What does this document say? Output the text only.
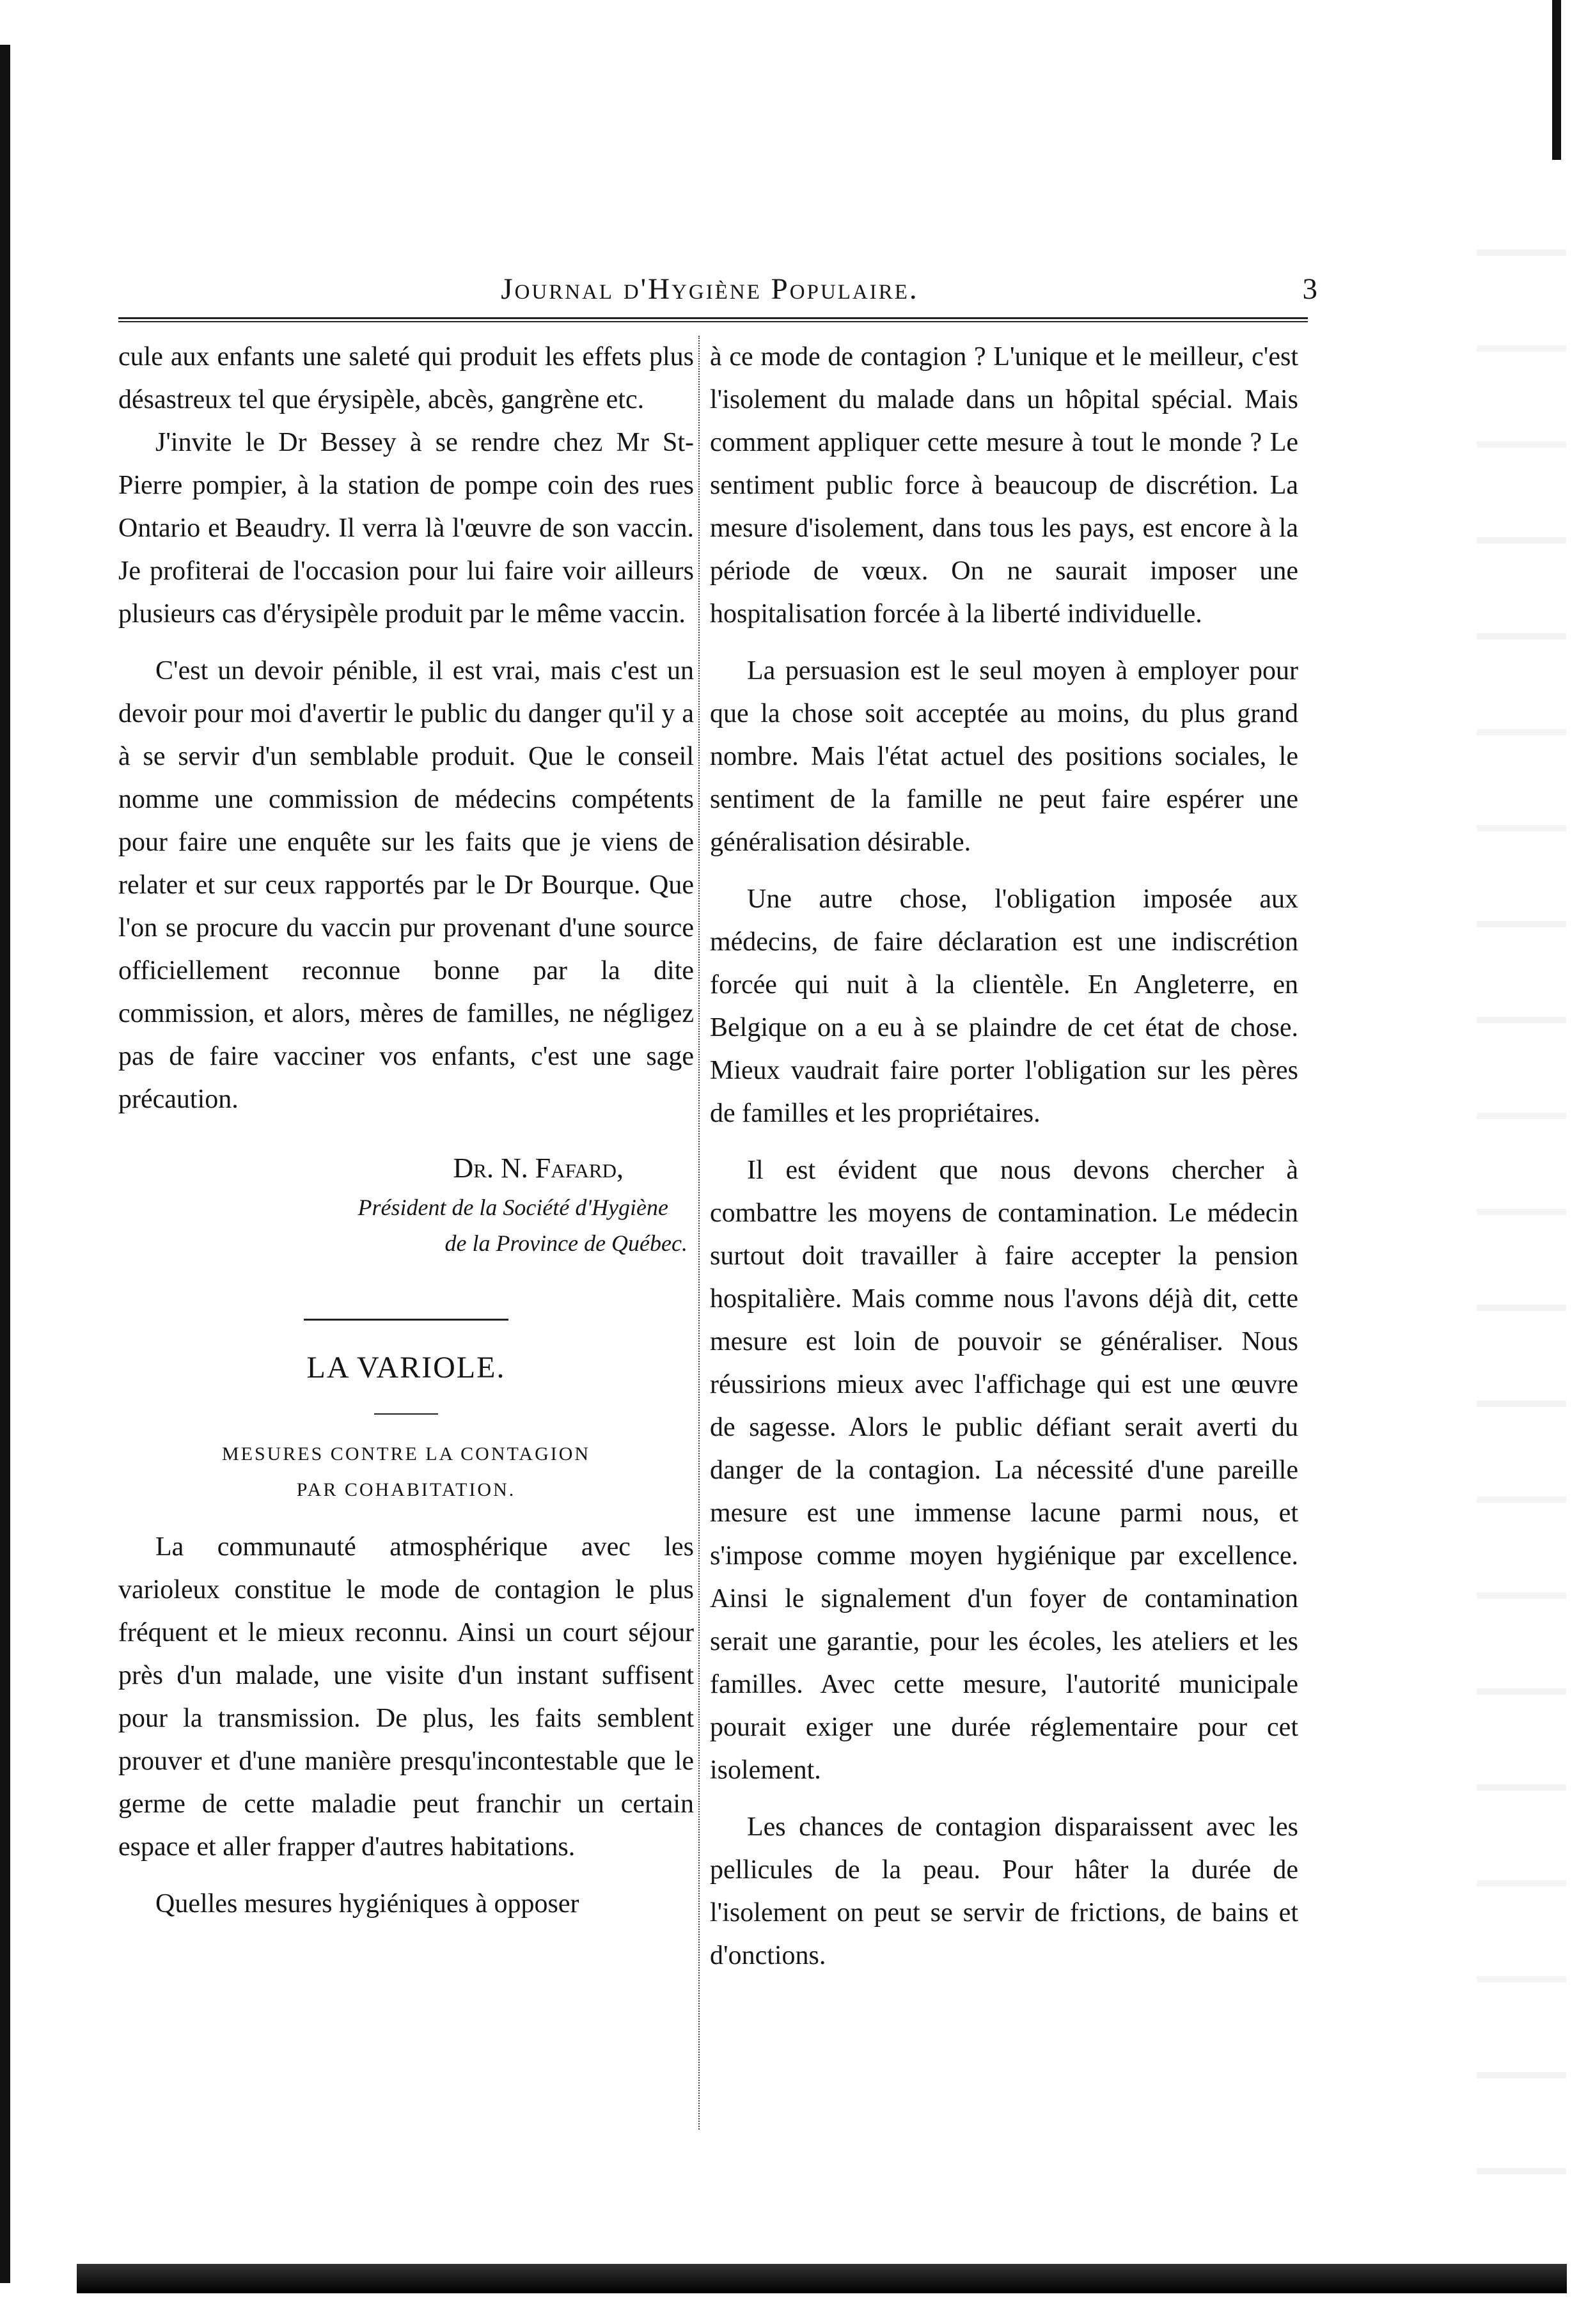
Journal d'Hygiène Populaire.	3

cule aux enfants une saleté qui produit les effets plus désastreux tel que érysipèle, abcès, gangrène etc.

J'invite le Dr Bessey à se rendre chez Mr St-Pierre pompier, à la station de pompe coin des rues Ontario et Beaudry. Il verra là l'œuvre de son vaccin. Je profiterai de l'occasion pour lui faire voir ailleurs plusieurs cas d'érysipèle produit par le même vaccin.

C'est un devoir pénible, il est vrai, mais c'est un devoir pour moi d'avertir le public du danger qu'il y a à se servir d'un semblable produit. Que le conseil nomme une commission de médecins compétents pour faire une enquête sur les faits que je viens de relater et sur ceux rapportés par le Dr Bourque. Que l'on se procure du vaccin pur provenant d'une source officiellement reconnue bonne par la dite commission, et alors, mères de familles, ne négligez pas de faire vacciner vos enfants, c'est une sage précaution.

Dr. N. Fafard,

Président de la Société d'Hygiène

de la Province de Québec.

LA VARIOLE.

MESURES CONTRE LA CONTAGION
PAR COHABITATION.

La communauté atmosphérique avec les varioleux constitue le mode de contagion le plus fréquent et le mieux reconnu. Ainsi un court séjour près d'un malade, une visite d'un instant suffisent pour la transmission. De plus, les faits semblent prouver et d'une manière presqu'incontestable que le germe de cette maladie peut franchir un certain espace et aller frapper d'autres habitations.

Quelles mesures hygiéniques à opposer

à ce mode de contagion ? L'unique et le meilleur, c'est l'isolement du malade dans un hôpital spécial. Mais comment appliquer cette mesure à tout le monde ? Le sentiment public force à beaucoup de discrétion. La mesure d'isolement, dans tous les pays, est encore à la période de vœux. On ne saurait imposer une hospitalisation forcée à la liberté individuelle.

La persuasion est le seul moyen à employer pour que la chose soit acceptée au moins, du plus grand nombre. Mais l'état actuel des positions sociales, le sentiment de la famille ne peut faire espérer une généralisation désirable.

Une autre chose, l'obligation imposée aux médecins, de faire déclaration est une indiscrétion forcée qui nuit à la clientèle. En Angleterre, en Belgique on a eu à se plaindre de cet état de chose. Mieux vaudrait faire porter l'obligation sur les pères de familles et les propriétaires.

Il est évident que nous devons chercher à combattre les moyens de contamination. Le médecin surtout doit travailler à faire accepter la pension hospitalière. Mais comme nous l'avons déjà dit, cette mesure est loin de pouvoir se généraliser. Nous réussirions mieux avec l'affichage qui est une œuvre de sagesse. Alors le public défiant serait averti du danger de la contagion. La nécessité d'une pareille mesure est une immense lacune parmi nous, et s'impose comme moyen hygiénique par excellence. Ainsi le signalement d'un foyer de contamination serait une garantie, pour les écoles, les ateliers et les familles. Avec cette mesure, l'autorité municipale pourait exiger une durée réglementaire pour cet isolement.

Les chances de contagion disparaissent avec les pellicules de la peau. Pour hâter la durée de l'isolement on peut se servir de frictions, de bains et d'onctions.
